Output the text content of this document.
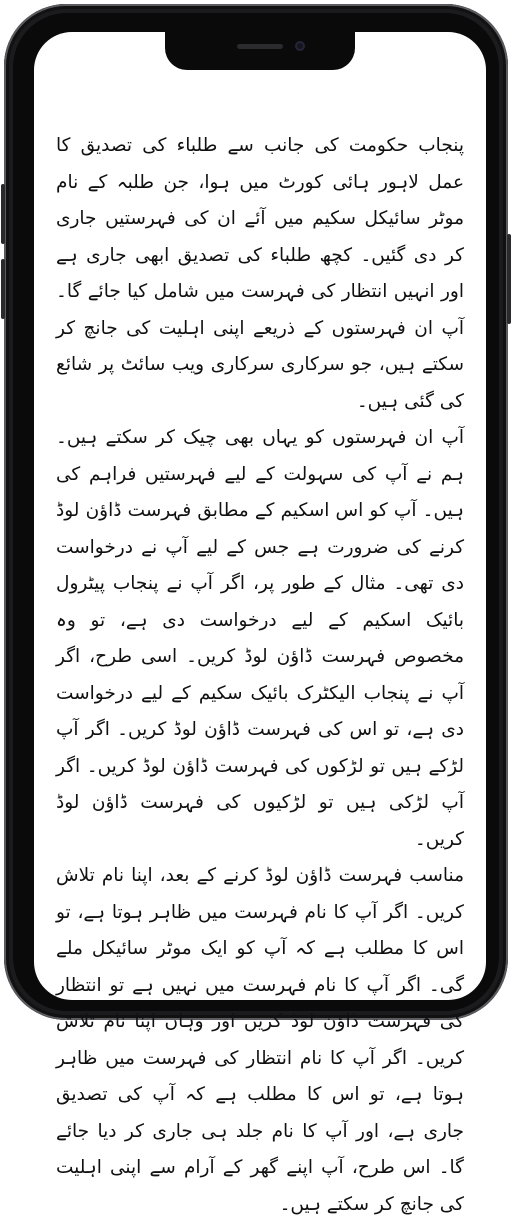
پنجاب حکومت کی جانب سے طلباء کی تصدیق کا عمل لاہور ہائی کورٹ میں ہوا، جن طلبہ کے نام موٹر سائیکل سکیم میں آئے ان کی فہرستیں جاری کر دی گئیں۔ کچھ طلباء کی تصدیق ابھی جاری ہے اور انہیں انتظار کی فہرست میں شامل کیا جائے گا۔ آپ ان فہرستوں کے ذریعے اپنی اہلیت کی جانچ کر سکتے ہیں، جو سرکاری سرکاری ویب سائٹ پر شائع کی گئی ہیں۔

آپ ان فہرستوں کو یہاں بھی چیک کر سکتے ہیں۔ ہم نے آپ کی سہولت کے لیے فہرستیں فراہم کی ہیں۔ آپ کو اس اسکیم کے مطابق فہرست ڈاؤن لوڈ کرنے کی ضرورت ہے جس کے لیے آپ نے درخواست دی تھی۔ مثال کے طور پر، اگر آپ نے پنجاب پیٹرول بائیک اسکیم کے لیے درخواست دی ہے، تو وہ مخصوص فہرست ڈاؤن لوڈ کریں۔ اسی طرح، اگر آپ نے پنجاب الیکٹرک بائیک سکیم کے لیے درخواست دی ہے، تو اس کی فہرست ڈاؤن لوڈ کریں۔ اگر آپ لڑکے ہیں تو لڑکوں کی فہرست ڈاؤن لوڈ کریں۔ اگر آپ لڑکی ہیں تو لڑکیوں کی فہرست ڈاؤن لوڈ کریں۔

مناسب فہرست ڈاؤن لوڈ کرنے کے بعد، اپنا نام تلاش کریں۔ اگر آپ کا نام فہرست میں ظاہر ہوتا ہے، تو اس کا مطلب ہے کہ آپ کو ایک موٹر سائیکل ملے گی۔ اگر آپ کا نام فہرست میں نہیں ہے تو انتظار کی فہرست ڈاؤن لوڈ کریں اور وہاں اپنا نام تلاش کریں۔ اگر آپ کا نام انتظار کی فہرست میں ظاہر ہوتا ہے، تو اس کا مطلب ہے کہ آپ کی تصدیق جاری ہے، اور آپ کا نام جلد ہی جاری کر دیا جائے گا۔ اس طرح، آپ اپنے گھر کے آرام سے اپنی اہلیت کی جانچ کر سکتے ہیں۔
